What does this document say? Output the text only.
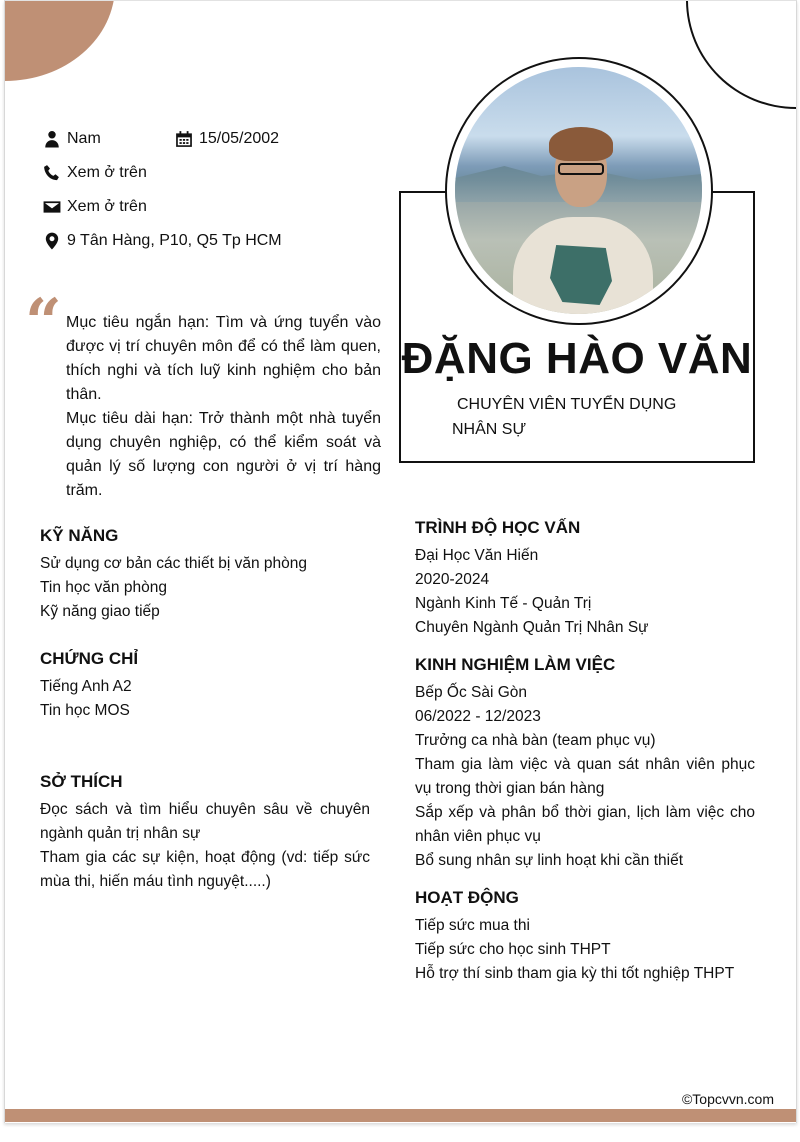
Nam	15/05/2002
Xem ở trên
Xem ở trên
9 Tân Hàng, P10, Q5 Tp HCM
“ Mục tiêu ngắn hạn: Tìm và ứng tuyển vào được vị trí chuyên môn để có thể làm quen, thích nghi và tích luỹ kinh nghiệm cho bản thân.

Mục tiêu dài hạn: Trở thành một nhà tuyển dụng chuyên nghiệp, có thể kiểm soát và quản lý số lượng con người ở vị trí hàng trăm.

ĐẶNG HÀO VĂN
CHUYÊN VIÊN TUYỂN DỤNG
NHÂN SỰ
KỸ NĂNG
Sử dụng cơ bản các thiết bị văn phòng
Tin học văn phòng
Kỹ năng giao tiếp
CHỨNG CHỈ
Tiếng Anh A2
Tin học MOS
SỞ THÍCH
Đọc sách và tìm hiểu chuyên sâu về chuyên ngành quản trị nhân sự
Tham gia các sự kiện, hoạt động (vd: tiếp sức mùa thi, hiến máu tình nguyệt.....)
TRÌNH ĐỘ HỌC VẤN
Đại Học Văn Hiến
2020-2024
Ngành Kinh Tế - Quản Trị
Chuyên Ngành Quản Trị Nhân Sự
KINH NGHIỆM LÀM VIỆC
Bếp Ốc Sài Gòn
06/2022 - 12/2023
Trưởng ca nhà bàn (team phục vụ)
Tham gia làm việc và quan sát nhân viên phục vụ trong thời gian bán hàng
Sắp xếp và phân bổ thời gian, lịch làm việc cho nhân viên phục vụ
Bổ sung nhân sự linh hoạt khi cần thiết
HOẠT ĐỘNG
Tiếp sức mua thi
Tiếp sức cho học sinh THPT
Hỗ trợ thí sinb tham gia kỳ thi tốt nghiệp THPT
©Topcvvn.com
